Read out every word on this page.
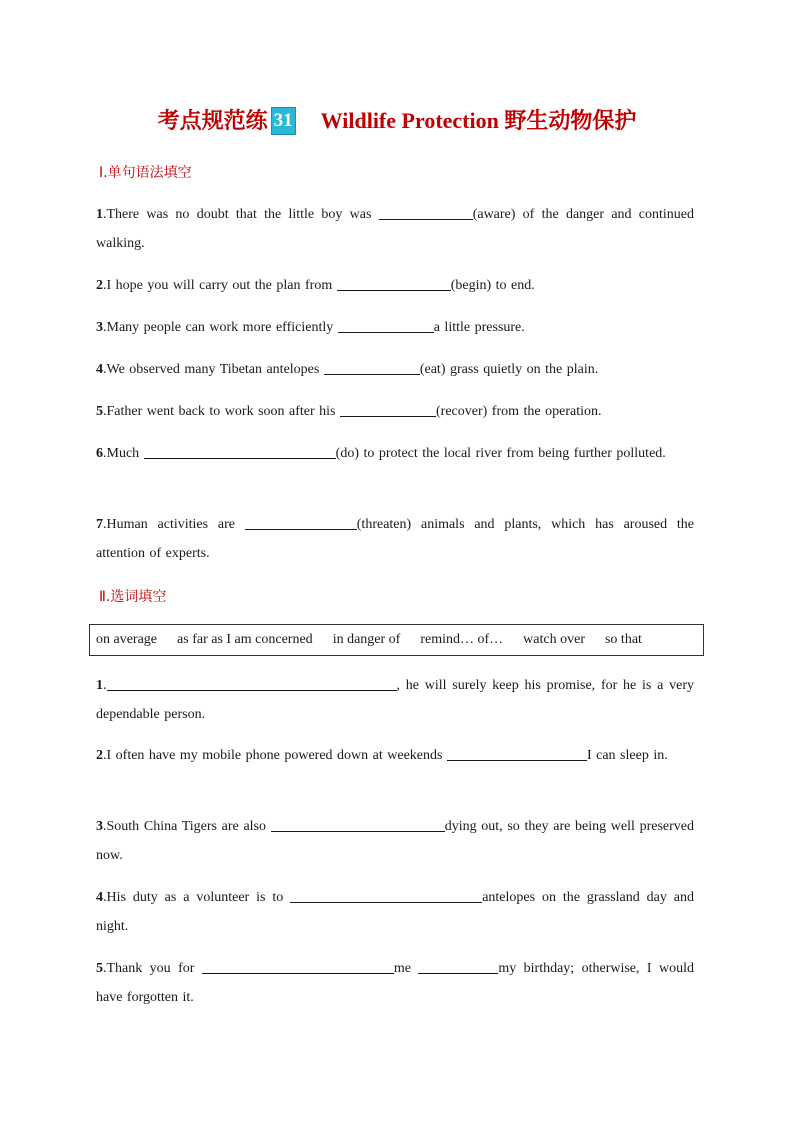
考点规范练 31 Wildlife Protection 野生动物保护
Ⅰ.单句语法填空
1.There was no doubt that the little boy was	(aware) of the danger and continued walking.
2.I hope you will carry out the plan from	(begin) to end.
3.Many people can work more efficiently	a little pressure.
4.We observed many Tibetan antelopes	(eat) grass quietly on the plain.
5.Father went back to work soon after his	(recover) from the operation.
6.Much	(do) to protect the local river from being further polluted.
7.Human activities are	(threaten) animals and plants, which has aroused the attention of experts.
Ⅱ.选词填空
on average as far as I am concerned in danger of remind… of… watch over so that
1.	, he will surely keep his promise, for he is a very dependable person.
2.I often have my mobile phone powered down at weekends	I can sleep in.
3.South China Tigers are also	dying out, so they are being well preserved now.
4.His duty as a volunteer is to	antelopes on the grassland day and night.
5.Thank you for	me	my birthday; otherwise, I would have forgotten it.
